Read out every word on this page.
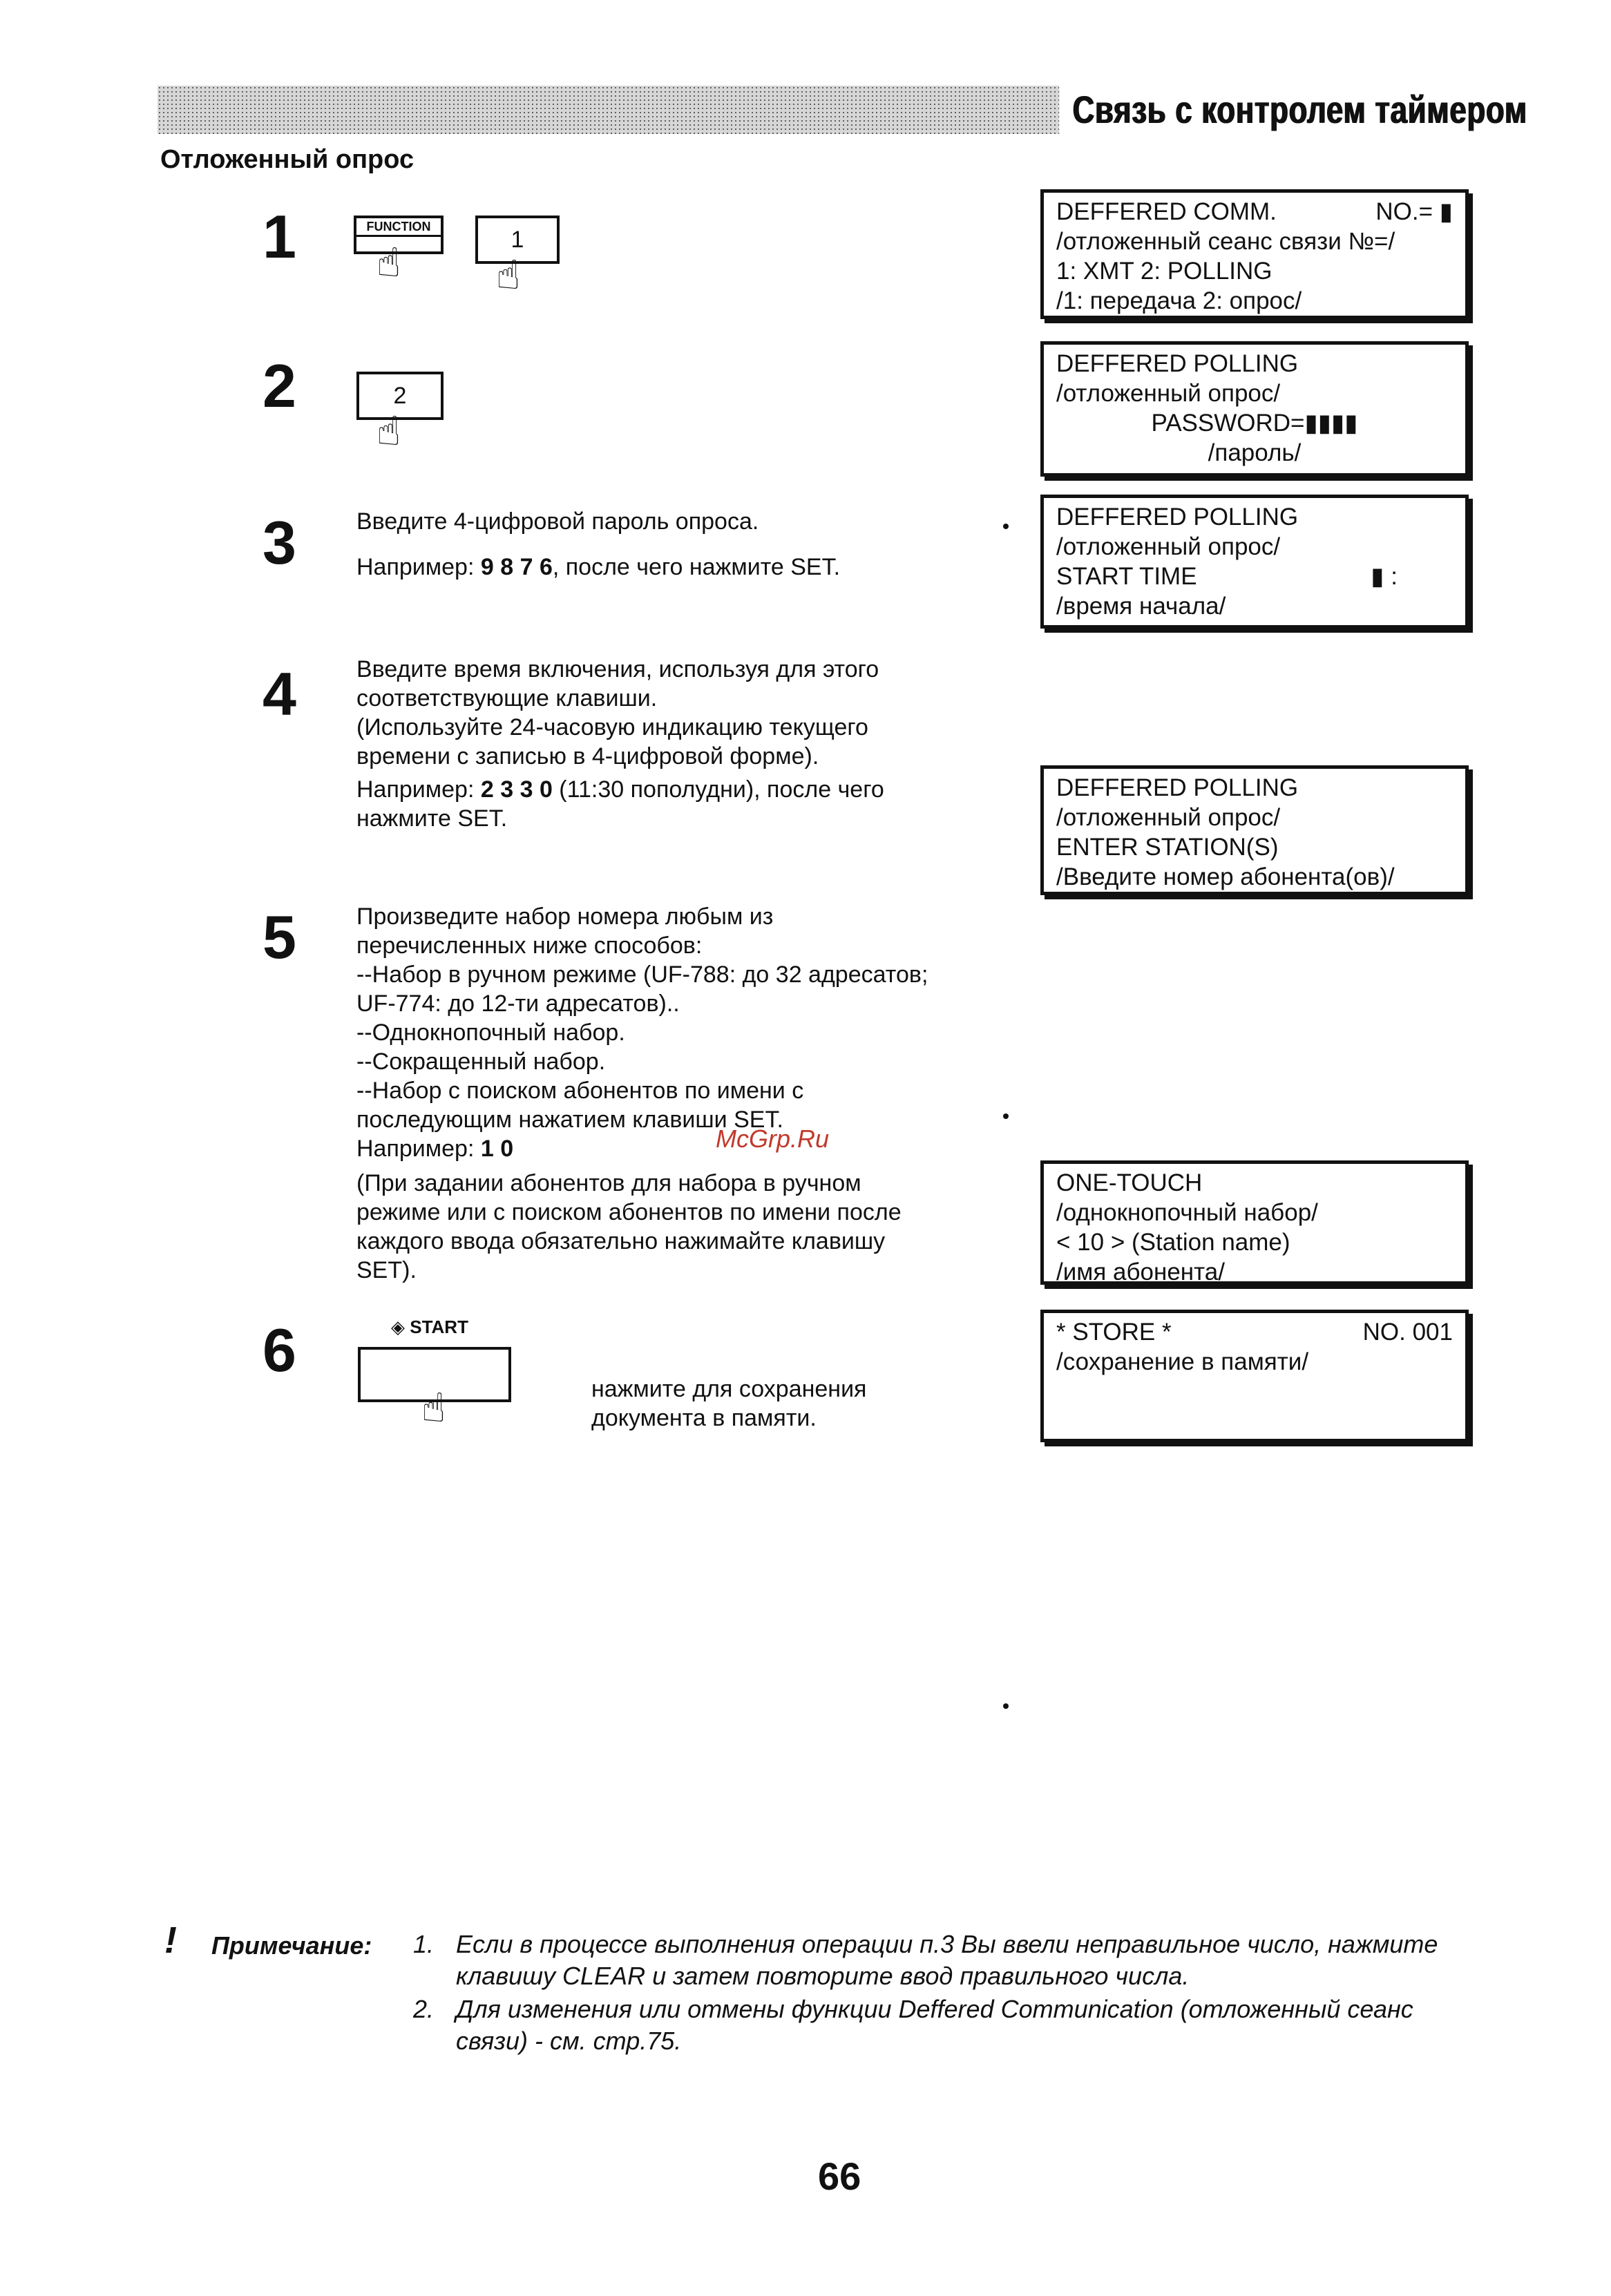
Связь с контролем таймером
Отложенный опрос
1	FUNCTION
☝
1
☝
2	2
☝
3	Введите 4-цифровой пароль опроса.
Например: 9 8 7 6, после чего нажмите SET.
4	Введите время включения, используя для этого
соответствующие клавиши.
(Используйте 24-часовую индикацию текущего
времени с записью в 4-цифровой форме).
Например: 2 3 3 0 (11:30 пополудни), после чего
нажмите SET.
5	Произведите набор номера любым из
перечисленных ниже способов:
--Набор в ручном режиме (UF-788: до 32 адресатов;
UF-774: до 12-ти адресатов)..
--Однокнопочный набор.
--Сокращенный набор.
--Набор с поиском абонентов по имени с
последующим нажатием клавиши SET.
Например: 1 0
(При задании абонентов для набора в ручном
режиме или с поиском абонентов по имени после
каждого ввода обязательно нажимайте клавишу
SET).
McGrp.Ru
6	◈ START
☝	нажмите для сохранения
документа в памяти.
DEFFERED COMM.	NO.= ▮
/отложенный сеанс связи №=/
1: XMT 2: POLLING
/1: передача 2: опрос/
DEFFERED POLLING
/отложенный опрос/
PASSWORD=▮▮▮▮
/пароль/
DEFFERED POLLING
/отложенный опрос/
START TIME	▮ :
/время начала/
DEFFERED POLLING
/отложенный опрос/
ENTER STATION(S)
/Введите номер абонента(ов)/
ONE-TOUCH
/однокнопочный набор/
< 10 > (Station name)
/имя абонента/
* STORE *	NO. 001
/сохранение в памяти/
! Примечание: 1. Если в процессе выполнения операции п.3 Вы ввели неправильное число, нажмите
клавишу CLEAR и затем повторите ввод правильного числа.
2. Для изменения или отмены функции Deffered Communication (отложенный сеанс
связи) - см. стр.75.
66
